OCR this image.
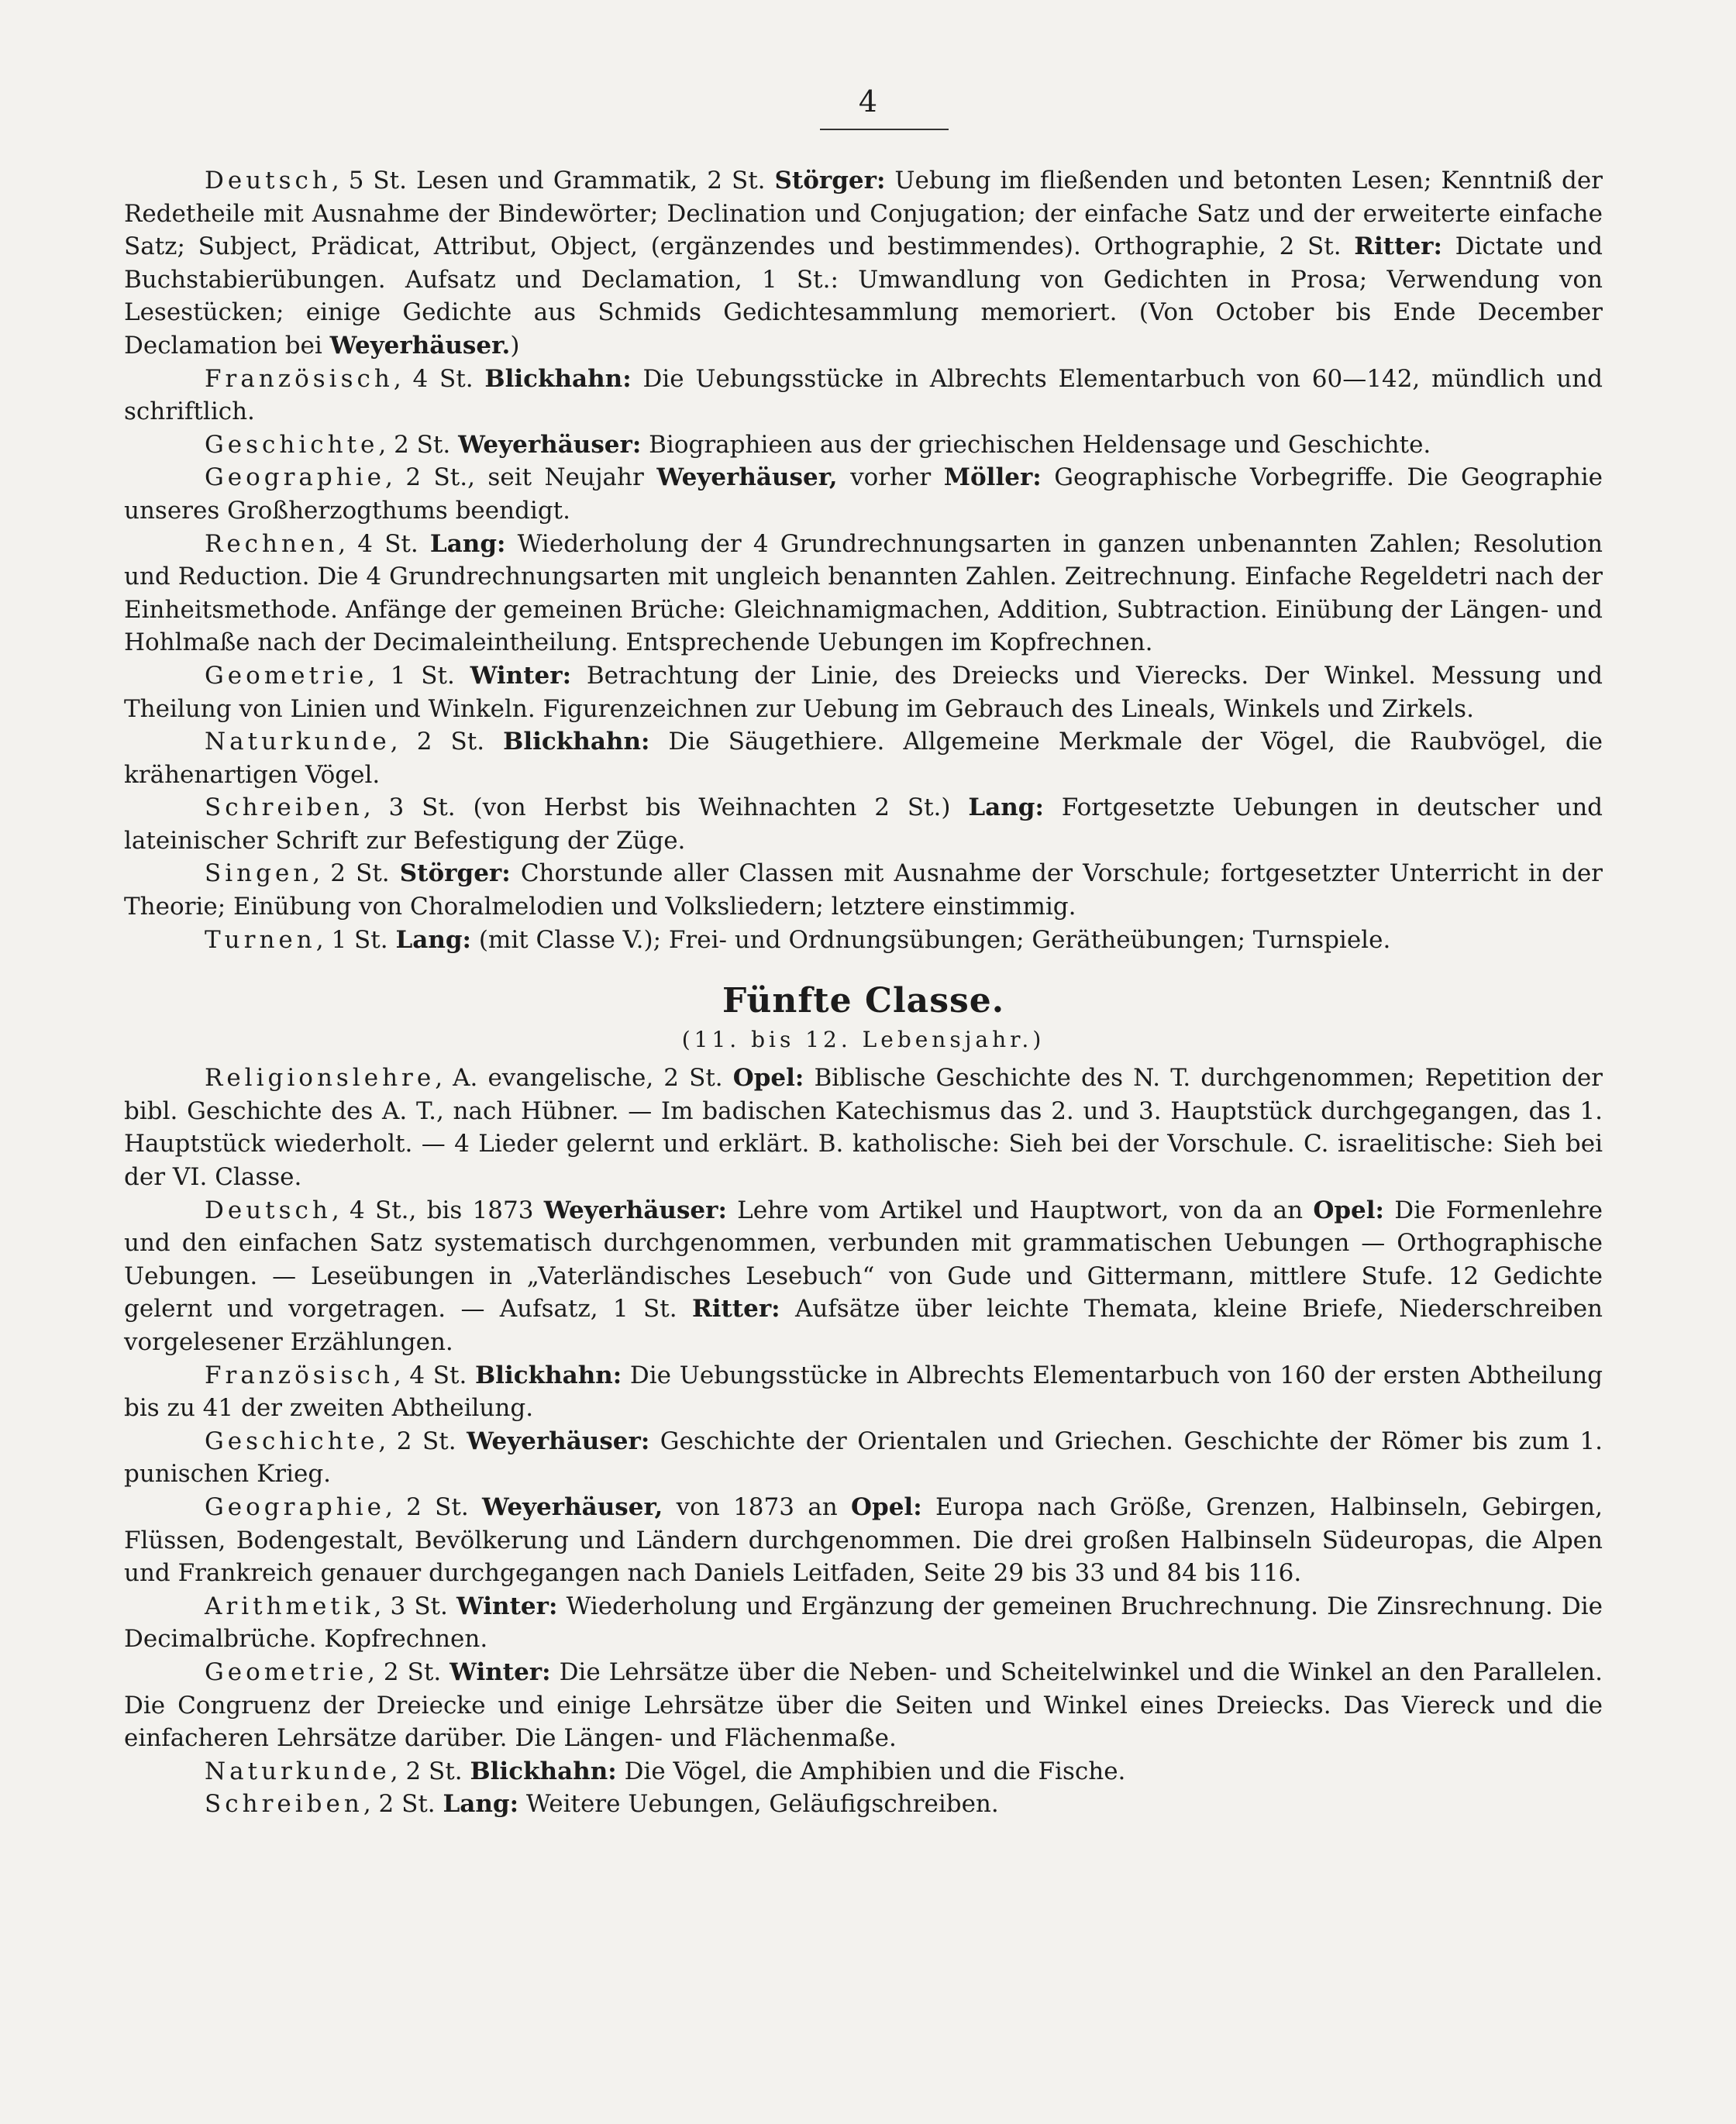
4

Deutsch, 5 St. Lesen und Grammatik, 2 St. Störger: Uebung im fließenden und betonten Lesen; Kenntniß der Redetheile mit Ausnahme der Bindewörter; Declination und Conjugation; der einfache Satz und der erweiterte einfache Satz; Subject, Prädicat, Attribut, Object, (ergänzendes und bestimmendes). Orthographie, 2 St. Ritter: Dictate und Buchstabierübungen. Aufsatz und Declamation, 1 St.: Umwandlung von Gedichten in Prosa; Verwendung von Lesestücken; einige Gedichte aus Schmids Gedichtesammlung memoriert. (Von October bis Ende December Declamation bei Weyerhäuser.)

Französisch, 4 St. Blickhahn: Die Uebungsstücke in Albrechts Elementarbuch von 60—142, mündlich und schriftlich.

Geschichte, 2 St. Weyerhäuser: Biographieen aus der griechischen Heldensage und Geschichte.

Geographie, 2 St., seit Neujahr Weyerhäuser, vorher Möller: Geographische Vorbegriffe. Die Geographie unseres Großherzogthums beendigt.

Rechnen, 4 St. Lang: Wiederholung der 4 Grundrechnungsarten in ganzen unbenannten Zahlen; Resolution und Reduction. Die 4 Grundrechnungsarten mit ungleich benannten Zahlen. Zeitrechnung. Einfache Regeldetri nach der Einheitsmethode. Anfänge der gemeinen Brüche: Gleichnamigmachen, Addition, Subtraction. Einübung der Längen- und Hohlmaße nach der Decimaleintheilung. Entsprechende Uebungen im Kopfrechnen.

Geometrie, 1 St. Winter: Betrachtung der Linie, des Dreiecks und Vierecks. Der Winkel. Messung und Theilung von Linien und Winkeln. Figurenzeichnen zur Uebung im Gebrauch des Lineals, Winkels und Zirkels.

Naturkunde, 2 St. Blickhahn: Die Säugethiere. Allgemeine Merkmale der Vögel, die Raubvögel, die krähenartigen Vögel.

Schreiben, 3 St. (von Herbst bis Weihnachten 2 St.) Lang: Fortgesetzte Uebungen in deutscher und lateinischer Schrift zur Befestigung der Züge.

Singen, 2 St. Störger: Chorstunde aller Classen mit Ausnahme der Vorschule; fortgesetzter Unterricht in der Theorie; Einübung von Choralmelodien und Volksliedern; letztere einstimmig.

Turnen, 1 St. Lang: (mit Classe V.); Frei- und Ordnungsübungen; Gerätheübungen; Turnspiele.

Fünfte Classe.
(11. bis 12. Lebensjahr.)

Religionslehre, A. evangelische, 2 St. Opel: Biblische Geschichte des N. T. durchgenommen; Repetition der bibl. Geschichte des A. T., nach Hübner. — Im badischen Katechismus das 2. und 3. Hauptstück durchgegangen, das 1. Hauptstück wiederholt. — 4 Lieder gelernt und erklärt. B. katholische: Sieh bei der Vorschule. C. israelitische: Sieh bei der VI. Classe.

Deutsch, 4 St., bis 1873 Weyerhäuser: Lehre vom Artikel und Hauptwort, von da an Opel: Die Formenlehre und den einfachen Satz systematisch durchgenommen, verbunden mit grammatischen Uebungen — Orthographische Uebungen. — Leseübungen in „Vaterländisches Lesebuch“ von Gude und Gittermann, mittlere Stufe. 12 Gedichte gelernt und vorgetragen. — Aufsatz, 1 St. Ritter: Aufsätze über leichte Themata, kleine Briefe, Niederschreiben vorgelesener Erzählungen.

Französisch, 4 St. Blickhahn: Die Uebungsstücke in Albrechts Elementarbuch von 160 der ersten Abtheilung bis zu 41 der zweiten Abtheilung.

Geschichte, 2 St. Weyerhäuser: Geschichte der Orientalen und Griechen. Geschichte der Römer bis zum 1. punischen Krieg.

Geographie, 2 St. Weyerhäuser, von 1873 an Opel: Europa nach Größe, Grenzen, Halbinseln, Gebirgen, Flüssen, Bodengestalt, Bevölkerung und Ländern durchgenommen. Die drei großen Halbinseln Südeuropas, die Alpen und Frankreich genauer durchgegangen nach Daniels Leitfaden, Seite 29 bis 33 und 84 bis 116.

Arithmetik, 3 St. Winter: Wiederholung und Ergänzung der gemeinen Bruchrechnung. Die Zinsrechnung. Die Decimalbrüche. Kopfrechnen.

Geometrie, 2 St. Winter: Die Lehrsätze über die Neben- und Scheitelwinkel und die Winkel an den Parallelen. Die Congruenz der Dreiecke und einige Lehrsätze über die Seiten und Winkel eines Dreiecks. Das Viereck und die einfacheren Lehrsätze darüber. Die Längen- und Flächenmaße.

Naturkunde, 2 St. Blickhahn: Die Vögel, die Amphibien und die Fische.

Schreiben, 2 St. Lang: Weitere Uebungen, Geläufigschreiben.
